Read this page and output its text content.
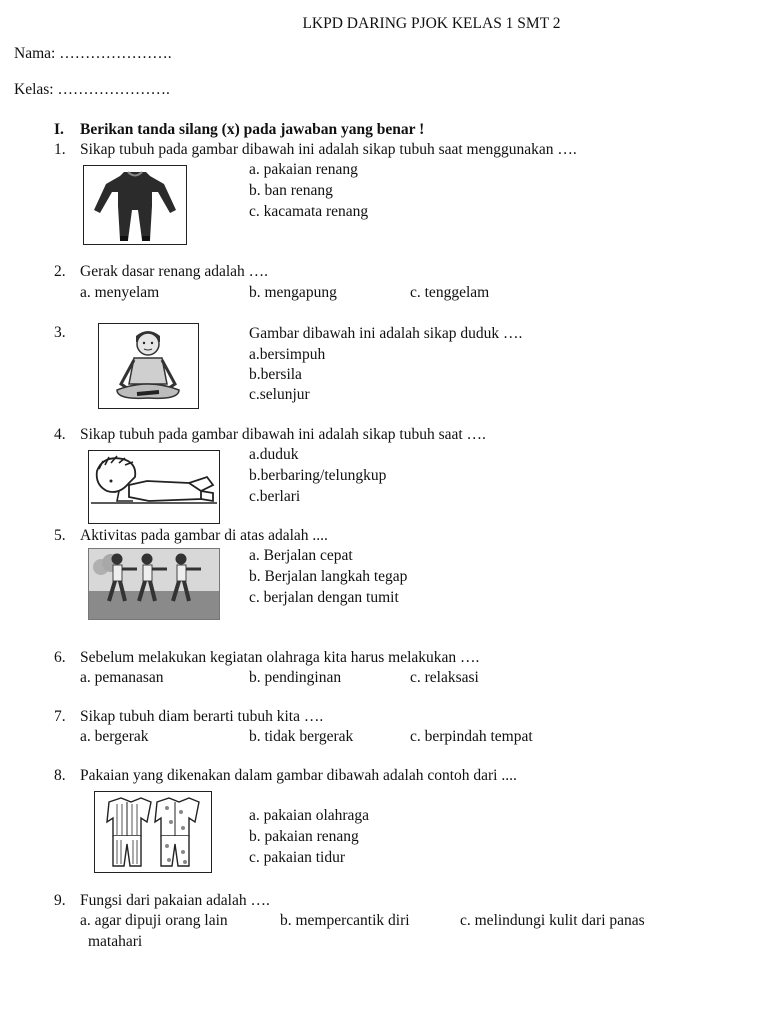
LKPD DARING PJOK KELAS 1 SMT 2
Nama: ………………….
Kelas: ………………….
I. Berikan tanda silang (x) pada jawaban yang benar !
1. Sikap tubuh pada gambar dibawah ini adalah sikap tubuh saat menggunakan ….
a. pakaian renang
b. ban renang
c. kacamata renang
2. Gerak dasar renang adalah ….
a. menyelam	b. mengapung	c. tenggelam
3.	Gambar dibawah ini adalah sikap duduk ….
a.bersimpuh
b.bersila
c.selunjur
4. Sikap tubuh pada gambar dibawah ini adalah sikap tubuh saat ….
a.duduk
b.berbaring/telungkup
c.berlari
5. Aktivitas pada gambar di atas adalah ....
a. Berjalan cepat
b. Berjalan langkah tegap
c. berjalan dengan tumit
6. Sebelum melakukan kegiatan olahraga kita harus melakukan ….
a. pemanasan	b. pendinginan	c. relaksasi
7. Sikap tubuh diam berarti tubuh kita ….
a. bergerak	b. tidak bergerak	c. berpindah tempat
8. Pakaian yang dikenakan dalam gambar dibawah adalah contoh dari ....
a. pakaian olahraga
b. pakaian renang
c. pakaian tidur
9. Fungsi dari pakaian adalah ….
a. agar dipuji orang lain	b. mempercantik diri	c. melindungi kulit dari panas
matahari
